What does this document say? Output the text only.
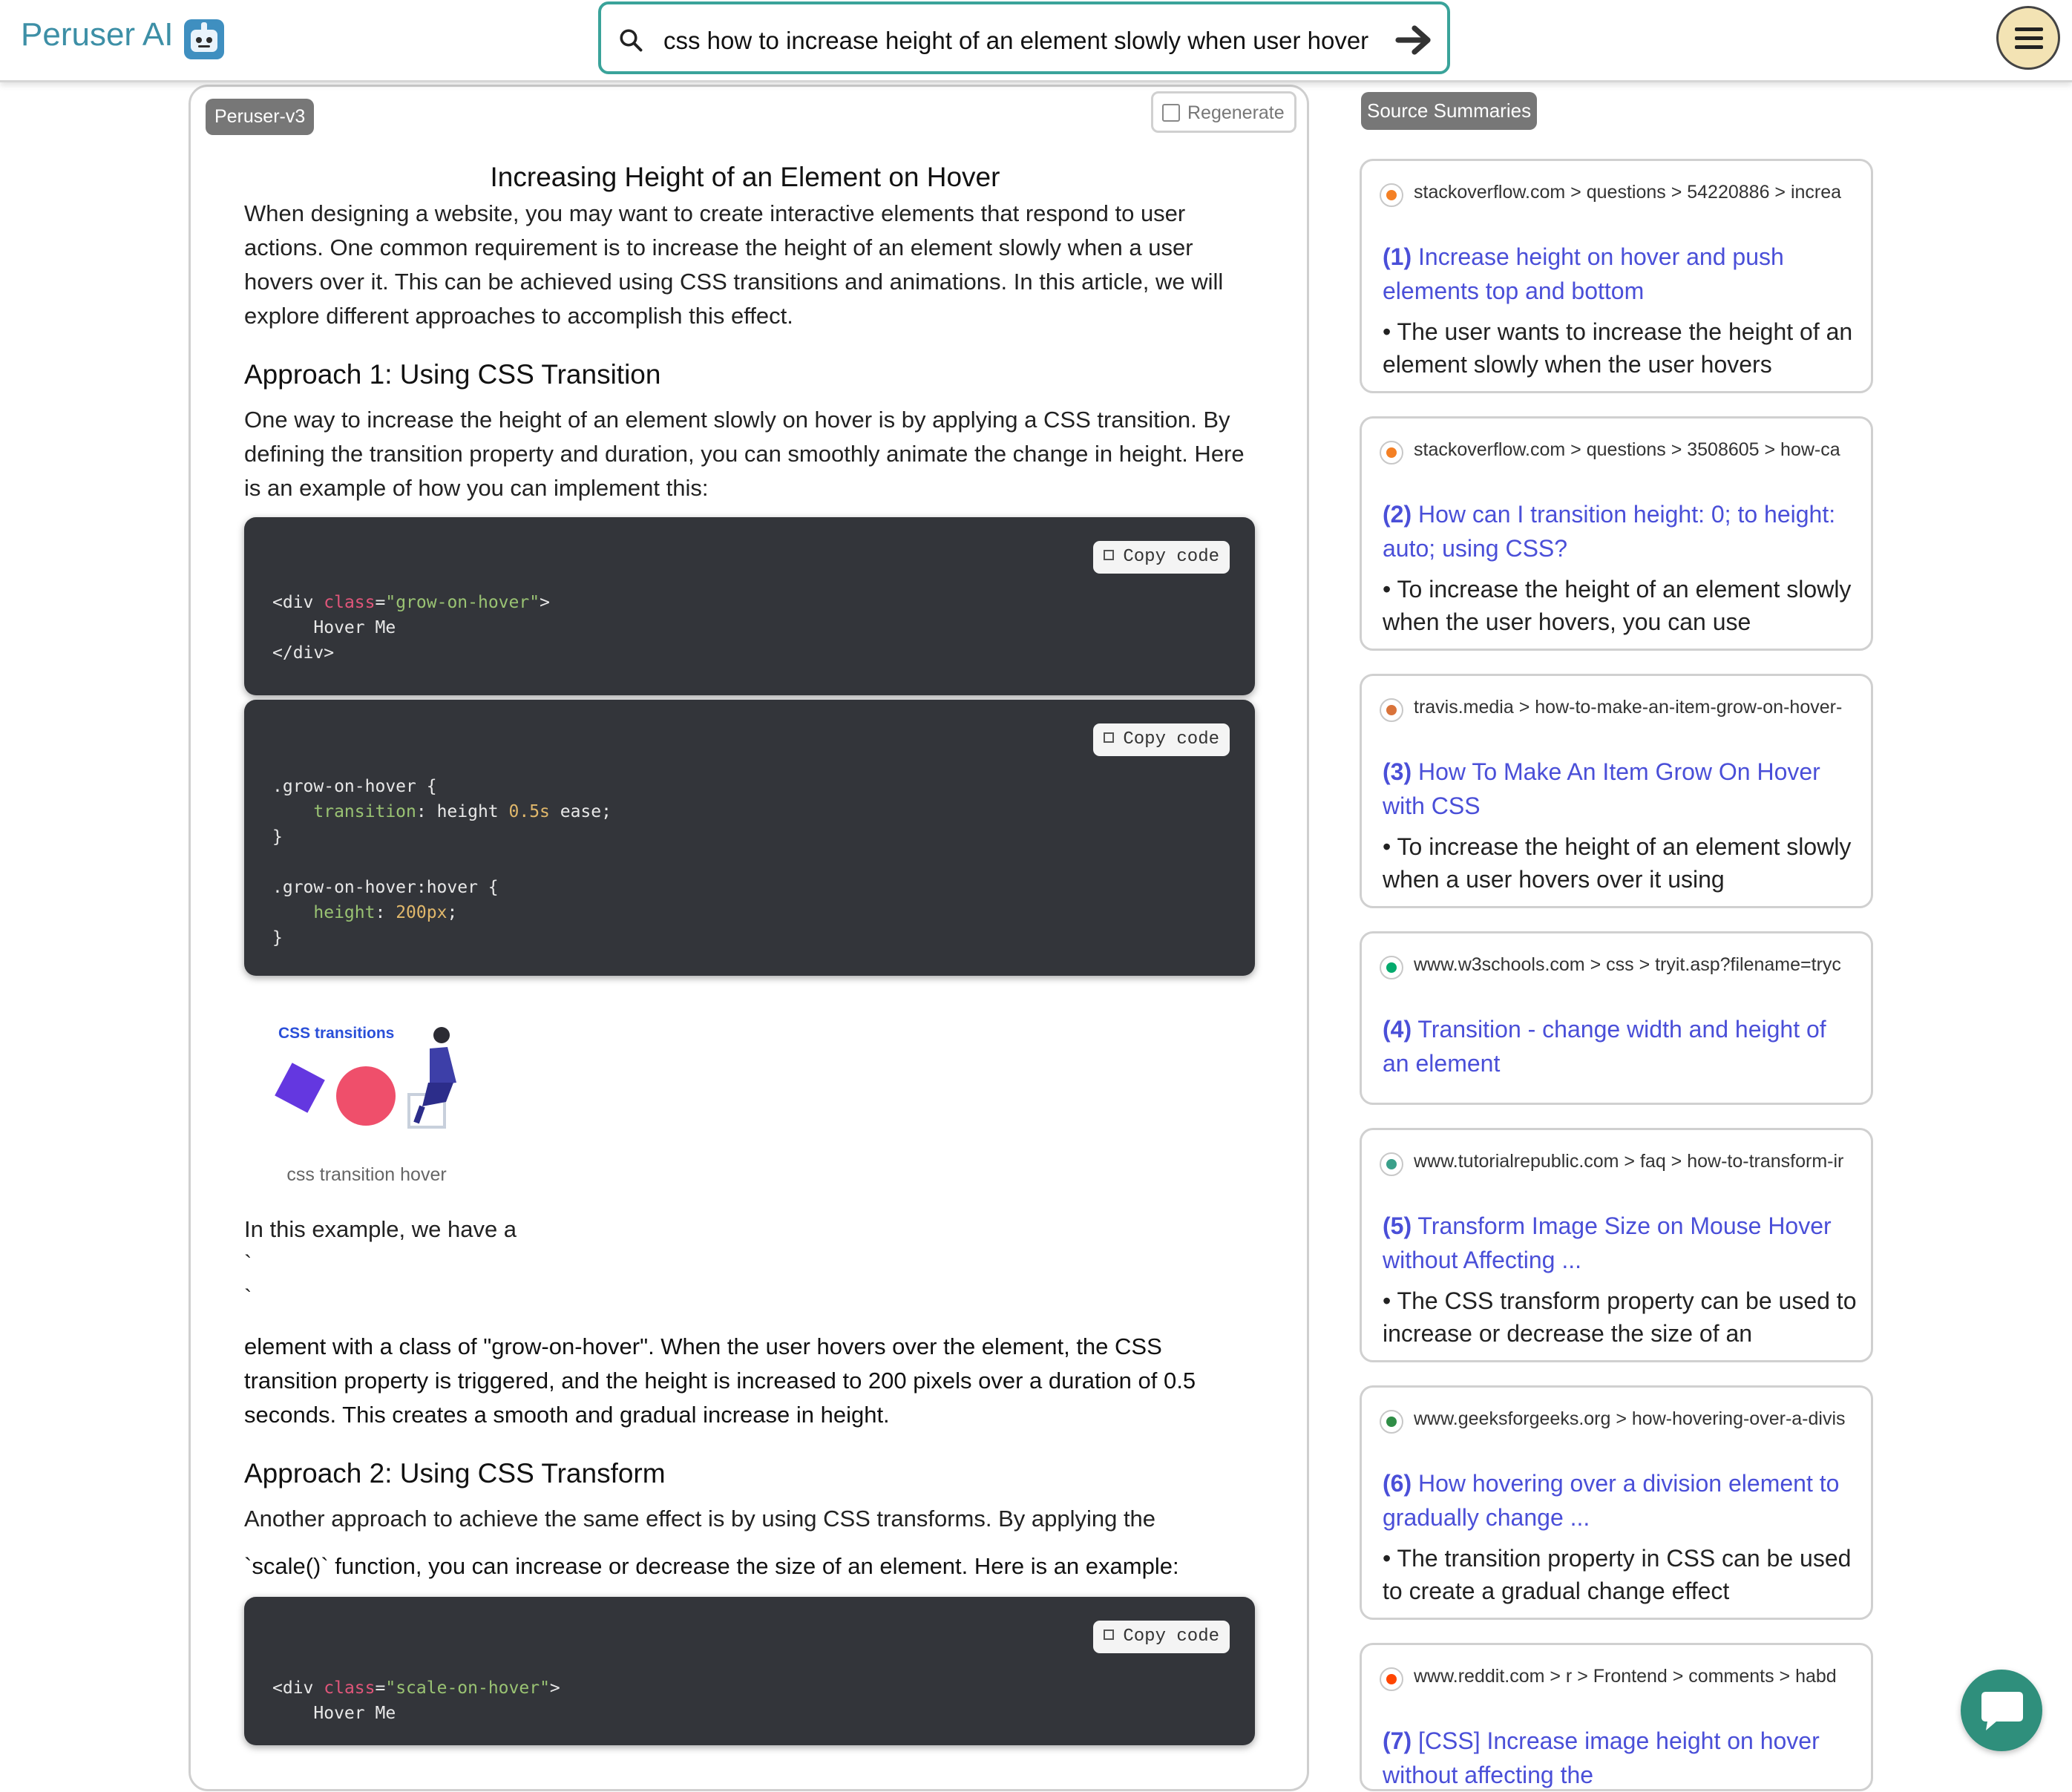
Peruser AI
css how to increase height of an element slowly when user hover
Peruser-v3	Regenerate
Increasing Height of an Element on Hover

When designing a website, you may want to create interactive elements that respond to user actions. One common requirement is to increase the height of an element slowly when a user hovers over it. This can be achieved using CSS transitions and animations. In this article, we will explore different approaches to accomplish this effect.

Approach 1: Using CSS Transition

One way to increase the height of an element slowly on hover is by applying a CSS transition. By defining the transition property and duration, you can smoothly animate the change in height. Here is an example of how you can implement this:

Copy code
<div class="grow-on-hover">
Hover Me
</div>
Copy code
.grow-on-hover {
transition: height 0.5s ease;
}

.grow-on-hover:hover {
height: 200px;
}
CSS transitions
css transition hover

In this example, we have a

`
`

element with a class of "grow-on-hover". When the user hovers over the element, the CSS transition property is triggered, and the height is increased to 200 pixels over a duration of 0.5 seconds. This creates a smooth and gradual increase in height.

Approach 2: Using CSS Transform

Another approach to achieve the same effect is by using CSS transforms. By applying the

`scale()` function, you can increase or decrease the size of an element. Here is an example:

Copy code
<div class="scale-on-hover">
Hover Me
Source Summaries
stackoverflow.com > questions > 54220886 > increa
(1) Increase height on hover and push elements top and bottom
• The user wants to increase the height of an element slowly when the user hovers
stackoverflow.com > questions > 3508605 > how-ca
(2) How can I transition height: 0; to height: auto; using CSS?
• To increase the height of an element slowly when the user hovers, you can use
travis.media > how-to-make-an-item-grow-on-hover-
(3) How To Make An Item Grow On Hover with CSS
• To increase the height of an element slowly when a user hovers over it using
www.w3schools.com > css > tryit.asp?filename=tryc
(4) Transition - change width and height of an element
www.tutorialrepublic.com > faq > how-to-transform-ir
(5) Transform Image Size on Mouse Hover without Affecting ...
• The CSS transform property can be used to increase or decrease the size of an
www.geeksforgeeks.org > how-hovering-over-a-divis
(6) How hovering over a division element to gradually change ...
• The transition property in CSS can be used to create a gradual change effect
www.reddit.com > r > Frontend > comments > habd
(7) [CSS] Increase image height on hover without affecting the
